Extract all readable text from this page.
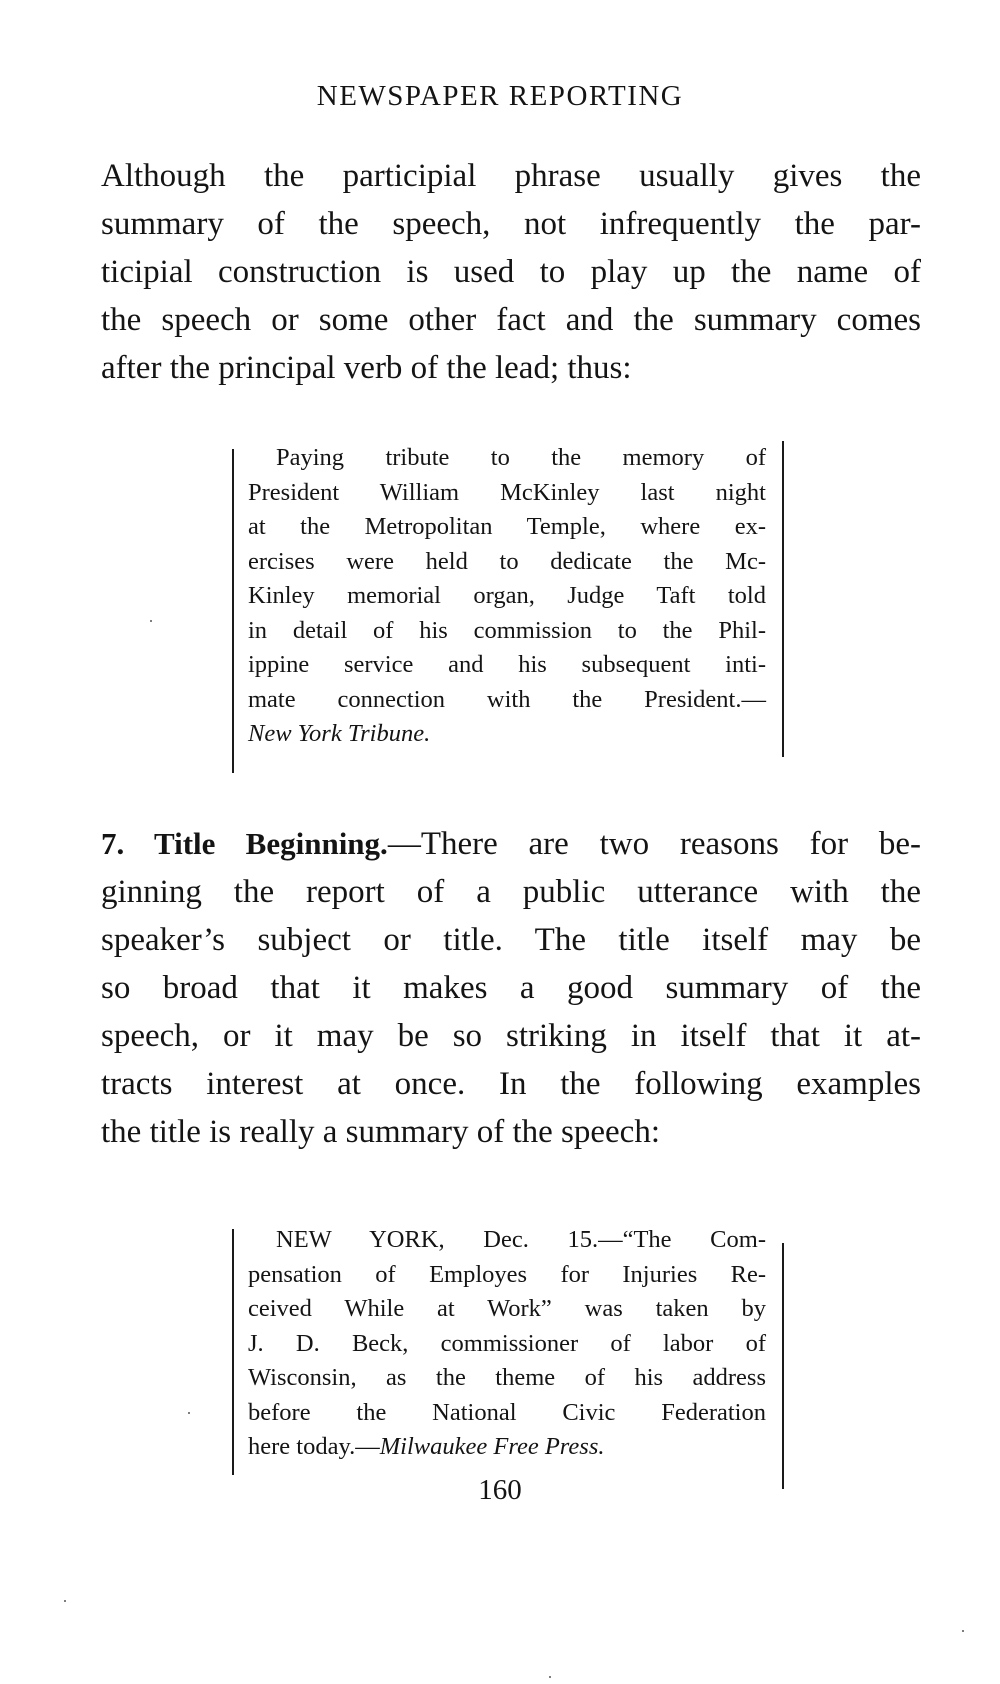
NEWSPAPER REPORTING

Although the participial phrase usually gives the
summary of the speech, not infrequently the par-
ticipial construction is used to play up the name of
the speech or some other fact and the summary comes
after the principal verb of the lead; thus:

Paying tribute to the memory of
President William McKinley last night
at the Metropolitan Temple, where ex-
ercises were held to dedicate the Mc-
Kinley memorial organ, Judge Taft told
in detail of his commission to the Phil-
ippine service and his subsequent inti-
mate connection with the President.—
New York Tribune.

7. Title Beginning.—There are two reasons for be-
ginning the report of a public utterance with the
speaker’s subject or title. The title itself may be
so broad that it makes a good summary of the
speech, or it may be so striking in itself that it at-
tracts interest at once. In the following examples
the title is really a summary of the speech:

NEW YORK, Dec. 15.—“The Com-
pensation of Employes for Injuries Re-
ceived While at Work” was taken by
J. D. Beck, commissioner of labor of
Wisconsin, as the theme of his address
before the National Civic Federation
here today.—Milwaukee Free Press.
160
